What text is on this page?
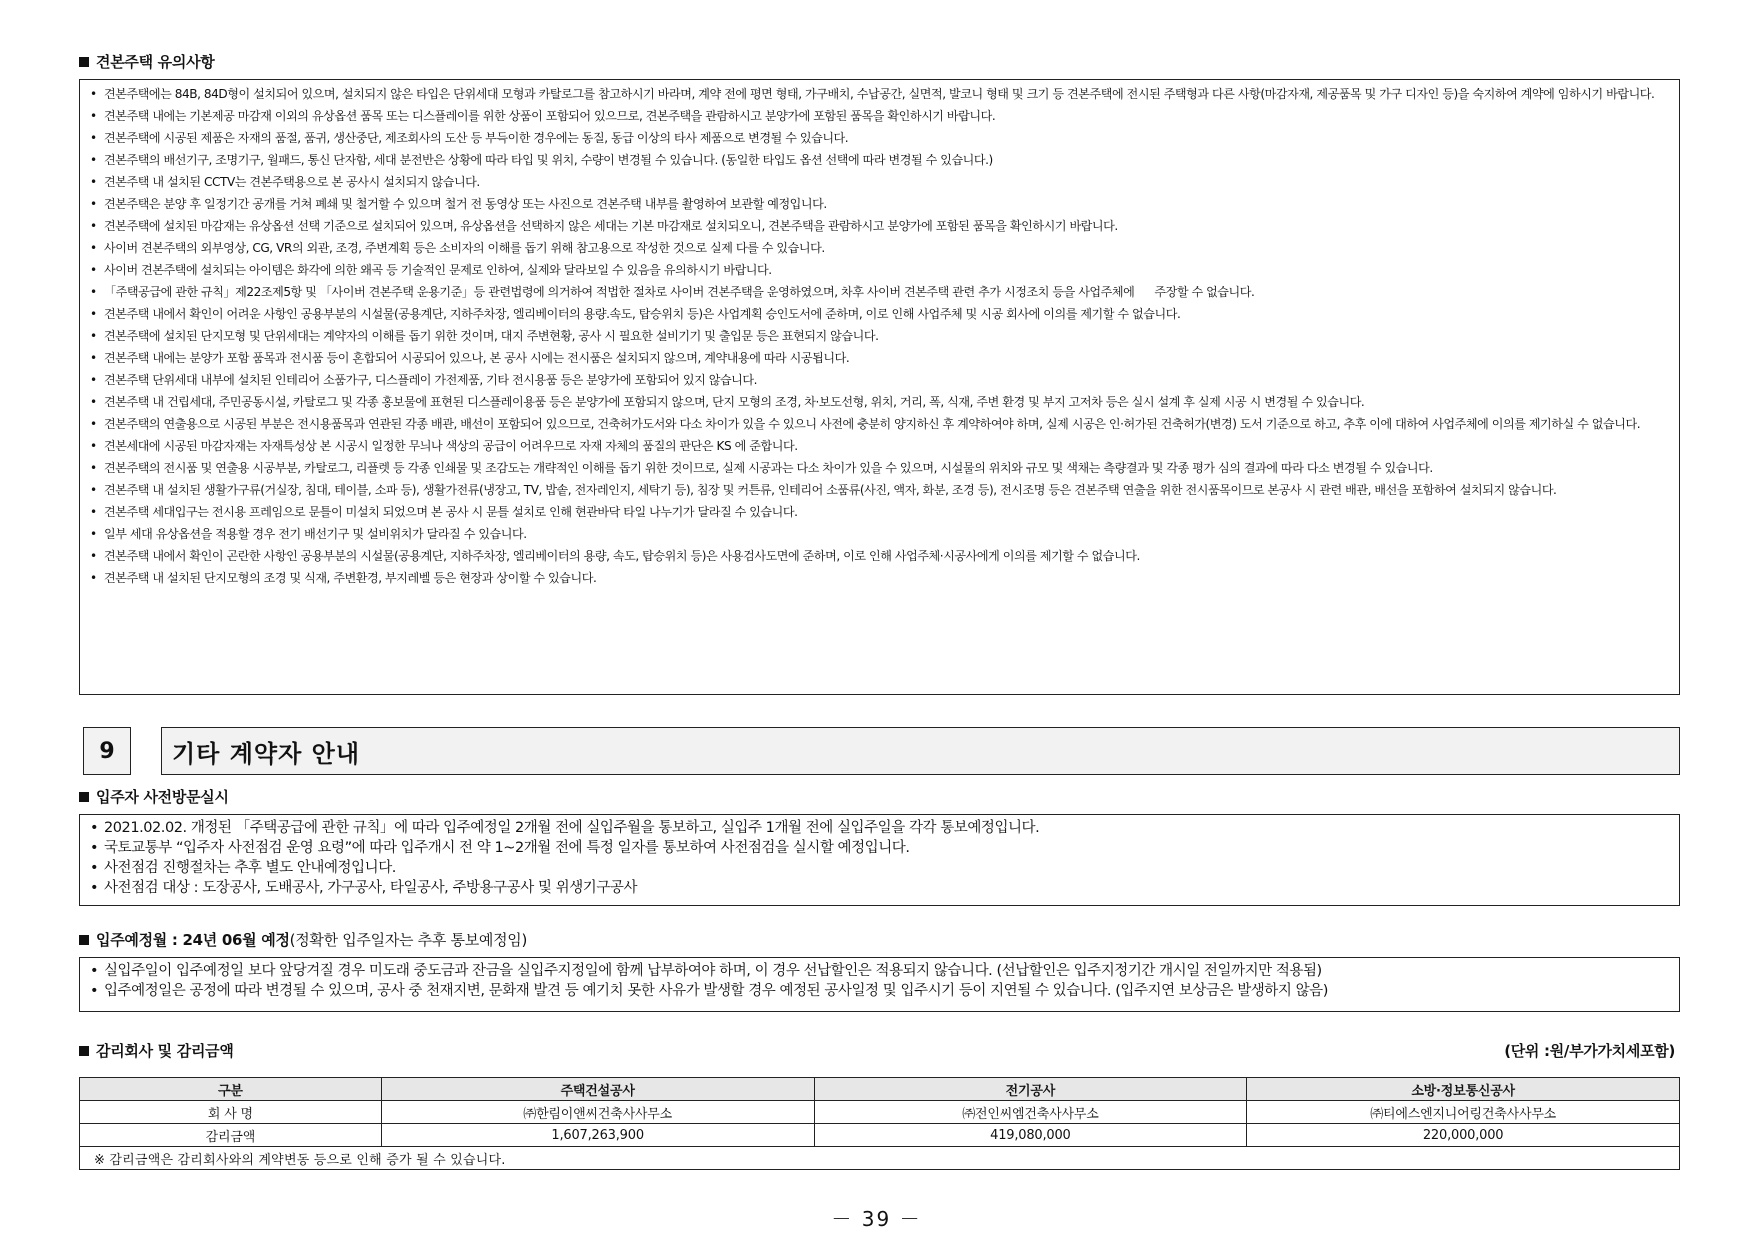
견본주택 유의사항
• 견본주택에는 84B, 84D형이 설치되어 있으며, 설치되지 않은 타입은 단위세대 모형과 카탈로그를 참고하시기 바라며, 계약 전에 평면 형태, 가구배치, 수납공간, 실면적, 발코니 형태 및 크기 등 견본주택에 전시된 주택형과 다른 사항(마감자재, 제공품목 및 가구 디자인 등)을 숙지하여 계약에 임하시기 바랍니다.
• 견본주택 내에는 기본제공 마감재 이외의 유상옵션 품목 또는 디스플레이를 위한 상품이 포함되어 있으므로, 견본주택을 관람하시고 분양가에 포함된 품목을 확인하시기 바랍니다.
• 견본주택에 시공된 제품은 자재의 품절, 품귀, 생산중단, 제조회사의 도산 등 부득이한 경우에는 동질, 동급 이상의 타사 제품으로 변경될 수 있습니다.
• 견본주택의 배선기구, 조명기구, 월패드, 통신 단자함, 세대 분전반은 상황에 따라 타입 및 위치, 수량이 변경될 수 있습니다. (동일한 타입도 옵션 선택에 따라 변경될 수 있습니다.)
• 견본주택 내 설치된 CCTV는 견본주택용으로 본 공사시 설치되지 않습니다.
• 견본주택은 분양 후 일정기간 공개를 거쳐 폐쇄 및 철거할 수 있으며 철거 전 동영상 또는 사진으로 견본주택 내부를 촬영하여 보관할 예정입니다.
• 견본주택에 설치된 마감재는 유상옵션 선택 기준으로 설치되어 있으며, 유상옵션을 선택하지 않은 세대는 기본 마감재로 설치되오니, 견본주택을 관람하시고 분양가에 포함된 품목을 확인하시기 바랍니다.
• 사이버 견본주택의 외부영상, CG, VR의 외관, 조경, 주변계획 등은 소비자의 이해를 돕기 위해 참고용으로 작성한 것으로 실제 다를 수 있습니다.
• 사이버 견본주택에 설치되는 아이템은 화각에 의한 왜곡 등 기술적인 문제로 인하여, 실제와 달라보일 수 있음을 유의하시기 바랍니다.
• 「주택공급에 관한 규칙」제22조제5항 및 「사이버 견본주택 운용기준」등 관련법령에 의거하여 적법한 절차로 사이버 견본주택을 운영하였으며, 차후 사이버 견본주택 관련 추가 시정조치 등을 사업주체에 주장할 수 없습니다.
• 견본주택 내에서 확인이 어려운 사항인 공용부분의 시설물(공용계단, 지하주차장, 엘리베이터의 용량.속도, 탑승위치 등)은 사업계획 승인도서에 준하며, 이로 인해 사업주체 및 시공 회사에 이의를 제기할 수 없습니다.
• 견본주택에 설치된 단지모형 및 단위세대는 계약자의 이해를 돕기 위한 것이며, 대지 주변현황, 공사 시 필요한 설비기기 및 출입문 등은 표현되지 않습니다.
• 견본주택 내에는 분양가 포함 품목과 전시품 등이 혼합되어 시공되어 있으나, 본 공사 시에는 전시품은 설치되지 않으며, 계약내용에 따라 시공됩니다.
• 견본주택 단위세대 내부에 설치된 인테리어 소품가구, 디스플레이 가전제품, 기타 전시용품 등은 분양가에 포함되어 있지 않습니다.
• 견본주택 내 건립세대, 주민공동시설, 카탈로그 및 각종 홍보물에 표현된 디스플레이용품 등은 분양가에 포함되지 않으며, 단지 모형의 조경, 차·보도선형, 위치, 거리, 폭, 식재, 주변 환경 및 부지 고저차 등은 실시 설계 후 실제 시공 시 변경될 수 있습니다.
• 견본주택의 연출용으로 시공된 부분은 전시용품목과 연관된 각종 배관, 배선이 포함되어 있으므로, 건축허가도서와 다소 차이가 있을 수 있으니 사전에 충분히 양지하신 후 계약하여야 하며, 실제 시공은 인·허가된 건축허가(변경) 도서 기준으로 하고, 추후 이에 대하여 사업주체에 이의를 제기하실 수 없습니다.
• 견본세대에 시공된 마감자재는 자재특성상 본 시공시 일정한 무늬나 색상의 공급이 어려우므로 자재 자체의 품질의 판단은 KS 에 준합니다.
• 견본주택의 전시품 및 연출용 시공부분, 카탈로그, 리플렛 등 각종 인쇄물 및 조감도는 개략적인 이해를 돕기 위한 것이므로, 실제 시공과는 다소 차이가 있을 수 있으며, 시설물의 위치와 규모 및 색채는 측량결과 및 각종 평가 심의 결과에 따라 다소 변경될 수 있습니다.
• 견본주택 내 설치된 생활가구류(거실장, 침대, 테이블, 소파 등), 생활가전류(냉장고, TV, 밥솥, 전자레인지, 세탁기 등), 침장 및 커튼류, 인테리어 소품류(사진, 액자, 화분, 조경 등), 전시조명 등은 견본주택 연출을 위한 전시품목이므로 본공사 시 관련 배관, 배선을 포함하여 설치되지 않습니다.
• 견본주택 세대입구는 전시용 프레임으로 문틀이 미설치 되었으며 본 공사 시 문틀 설치로 인해 현관바닥 타일 나누기가 달라질 수 있습니다.
• 일부 세대 유상옵션을 적용할 경우 전기 배선기구 및 설비위치가 달라질 수 있습니다.
• 견본주택 내에서 확인이 곤란한 사항인 공용부분의 시설물(공용계단, 지하주차장, 엘리베이터의 용량, 속도, 탑승위치 등)은 사용검사도면에 준하며, 이로 인해 사업주체·시공사에게 이의를 제기할 수 없습니다.
• 견본주택 내 설치된 단지모형의 조경 및 식재, 주변환경, 부지레벨 등은 현장과 상이할 수 있습니다.
9	기타 계약자 안내
입주자 사전방문실시
• 2021.02.02. 개정된 「주택공급에 관한 규칙」에 따라 입주예정일 2개월 전에 실입주월을 통보하고, 실입주 1개월 전에 실입주일을 각각 통보예정입니다.
• 국토교통부 “입주자 사전점검 운영 요령”에 따라 입주개시 전 약 1~2개월 전에 특정 일자를 통보하여 사전점검을 실시할 예정입니다.
• 사전점검 진행절차는 추후 별도 안내예정입니다.
• 사전점검 대상 : 도장공사, 도배공사, 가구공사, 타일공사, 주방용구공사 및 위생기구공사
입주예정월 : 24년 06월 예정(정확한 입주일자는 추후 통보예정임)
• 실입주일이 입주예정일 보다 앞당겨질 경우 미도래 중도금과 잔금을 실입주지정일에 함께 납부하여야 하며, 이 경우 선납할인은 적용되지 않습니다. (선납할인은 입주지정기간 개시일 전일까지만 적용됨)
• 입주예정일은 공정에 따라 변경될 수 있으며, 공사 중 천재지변, 문화재 발견 등 예기치 못한 사유가 발생할 경우 예정된 공사일정 및 입주시기 등이 지연될 수 있습니다. (입주지연 보상금은 발생하지 않음)
감리회사 및 감리금액	(단위 :원/부가가치세포함)
구분	주택건설공사	전기공사	소방·정보통신공사
회 사 명	㈜한림이앤씨건축사사무소	㈜전인씨엠건축사사무소	㈜티에스엔지니어링건축사사무소
감리금액	1,607,263,900	419,080,000	220,000,000
※ 감리금액은 감리회사와의 계약변동 등으로 인해 증가 될 수 있습니다.			
－ 39 －
